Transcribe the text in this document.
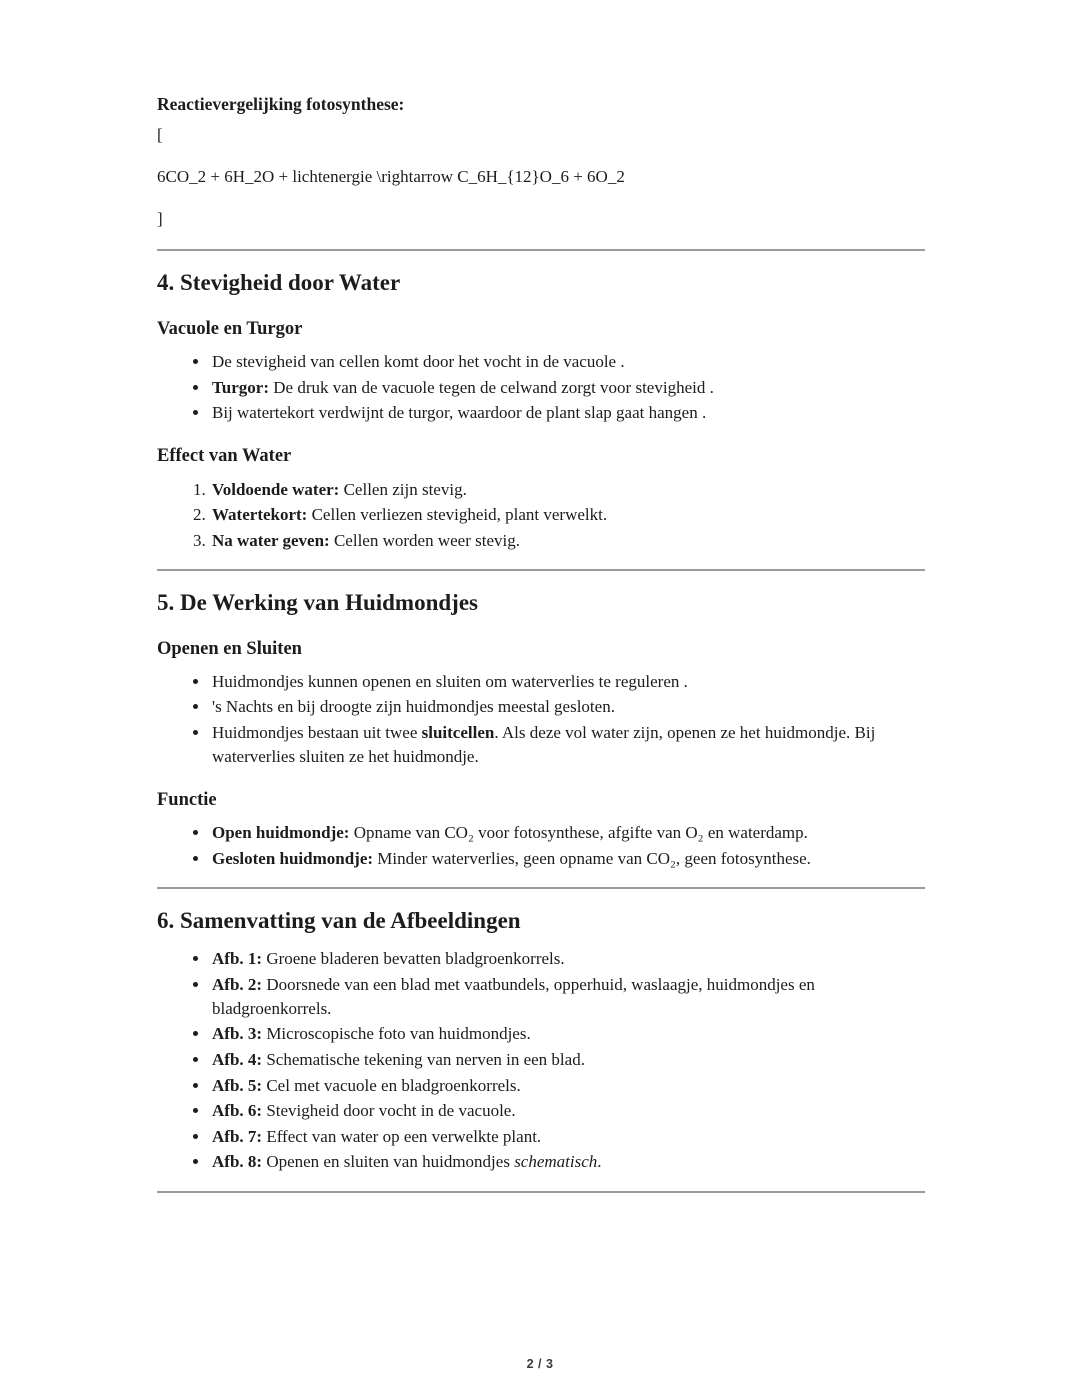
Reactievergelijking fotosynthese:

[

6CO_2 + 6H_2O + lichtenergie \rightarrow C_6H_{12}O_6 + 6O_2

]

4. Stevigheid door Water
Vacuole en Turgor
• De stevigheid van cellen komt door het vocht in de vacuole .
• Turgor: De druk van de vacuole tegen de celwand zorgt voor stevigheid .
• Bij watertekort verdwijnt de turgor, waardoor de plant slap gaat hangen .
Effect van Water
1. Voldoende water: Cellen zijn stevig.
2. Watertekort: Cellen verliezen stevigheid, plant verwelkt.
3. Na water geven: Cellen worden weer stevig.
5. De Werking van Huidmondjes
Openen en Sluiten
• Huidmondjes kunnen openen en sluiten om waterverlies te reguleren .
• 's Nachts en bij droogte zijn huidmondjes meestal gesloten.
• Huidmondjes bestaan uit twee sluitcellen. Als deze vol water zijn, openen ze het huidmondje. Bij waterverlies sluiten ze het huidmondje.
Functie
• Open huidmondje: Opname van CO₂ voor fotosynthese, afgifte van O₂ en waterdamp.
• Gesloten huidmondje: Minder waterverlies, geen opname van CO₂, geen fotosynthese.
6. Samenvatting van de Afbeeldingen
• Afb. 1: Groene bladeren bevatten bladgroenkorrels.
• Afb. 2: Doorsnede van een blad met vaatbundels, opperhuid, waslaagje, huidmondjes en bladgroenkorrels.
• Afb. 3: Microscopische foto van huidmondjes.
• Afb. 4: Schematische tekening van nerven in een blad.
• Afb. 5: Cel met vacuole en bladgroenkorrels.
• Afb. 6: Stevigheid door vocht in de vacuole.
• Afb. 7: Effect van water op een verwelkte plant.
• Afb. 8: Openen en sluiten van huidmondjes schematisch.
2 / 3
